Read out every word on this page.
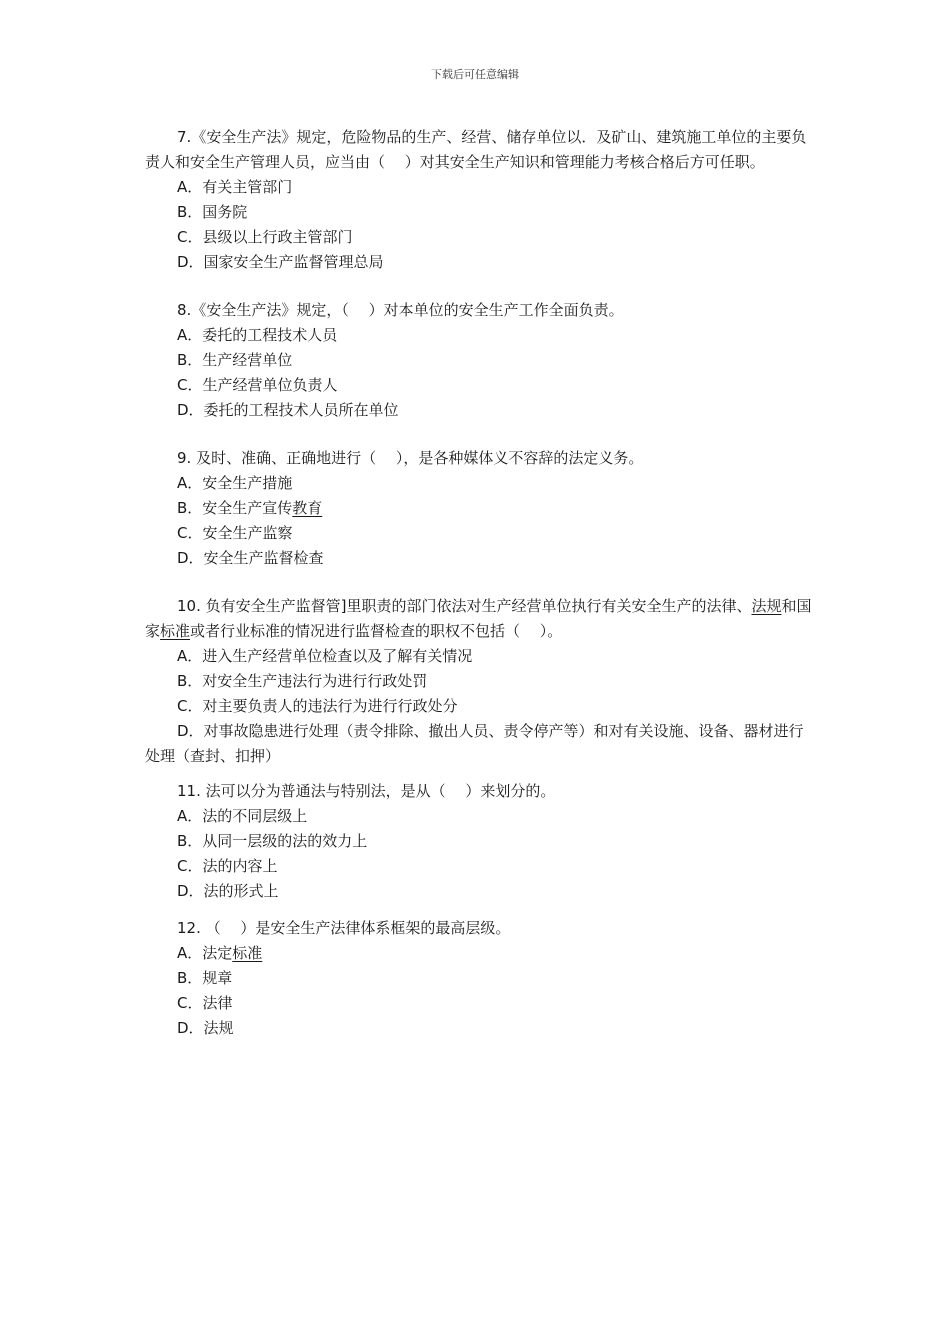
下载后可任意编辑

7.《安全生产法》规定，危险物品的生产、经营、储存单位以．及矿山、建筑施工单位的主要负责人和安全生产管理人员，应当由（　 ）对其安全生产知识和管理能力考核合格后方可任职。

A．有关主管部门

B．国务院

C．县级以上行政主管部门

D．国家安全生产监督管理总局

8.《安全生产法》规定，（　 ）对本单位的安全生产工作全面负责。

A．委托的工程技术人员

B．生产经营单位

C．生产经营单位负责人

D．委托的工程技术人员所在单位

9. 及时、准确、正确地进行（　 ），是各种媒体义不容辞的法定义务。

A．安全生产措施

B．安全生产宣传教育

C．安全生产监察

D．安全生产监督检查

10. 负有安全生产监督管]里职责的部门依法对生产经营单位执行有关安全生产的法律、法规和国家标准或者行业标准的情况进行监督检查的职权不包括（　 ）。

A．进入生产经营单位检查以及了解有关情况

B．对安全生产违法行为进行行政处罚

C．对主要负责人的违法行为进行行政处分

D．对事故隐患进行处理（责令排除、撤出人员、责令停产等）和对有关设施、设备、器材进行处理（查封、扣押）

11. 法可以分为普通法与特别法，是从（　 ）来划分的。

A．法的不同层级上

B．从同一层级的法的效力上

C．法的内容上

D．法的形式上

12. （　 ）是安全生产法律体系框架的最高层级。

A．法定标准

B．规章

C．法律

D．法规
